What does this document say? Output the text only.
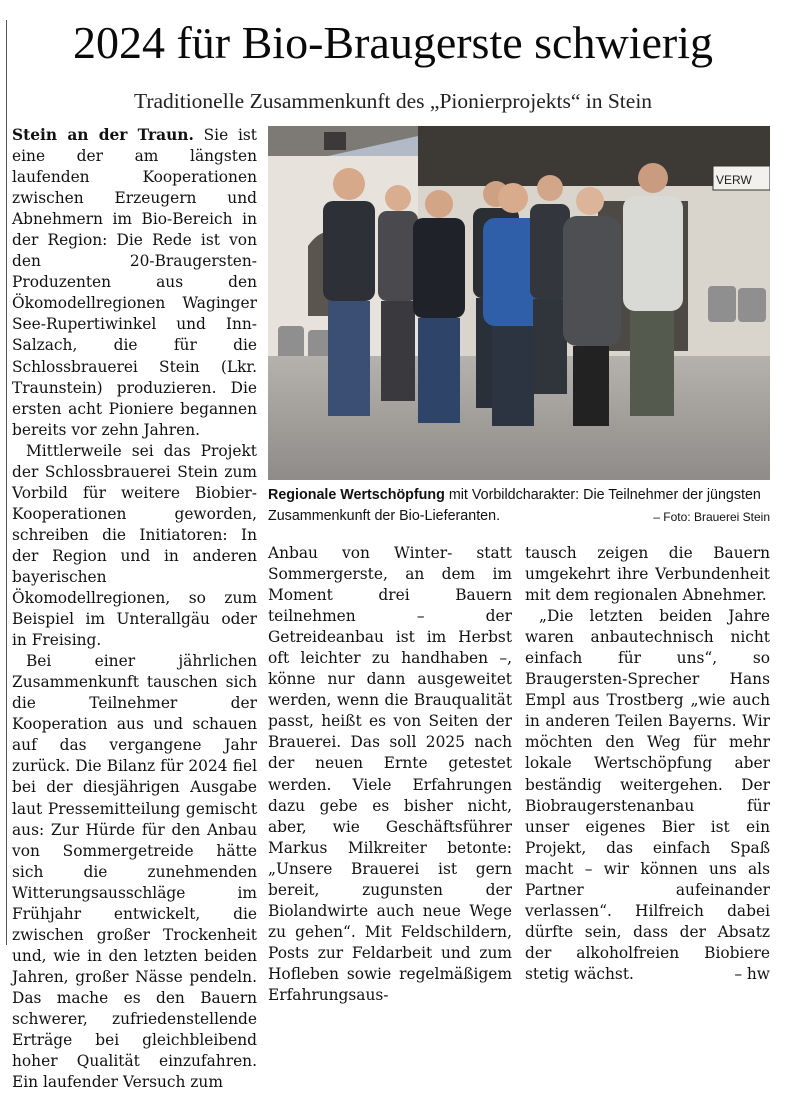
2024 für Bio-Braugerste schwierig
Traditionelle Zusammenkunft des „Pionierprojekts“ in Stein

Stein an der Traun. Sie ist eine der am längsten laufenden Kooperationen zwischen Erzeugern und Abnehmern im Bio-Bereich in der Region: Die Rede ist von den 20-Braugersten-Produzenten aus den Ökomodellregionen Waginger See-Rupertiwinkel und Inn-Salzach, die für die Schlossbrauerei Stein (Lkr. Traunstein) produzieren. Die ersten acht Pioniere begannen bereits vor zehn Jahren.

Mittlerweile sei das Projekt der Schlossbrauerei Stein zum Vorbild für weitere Biobier-Kooperationen geworden, schreiben die Initiatoren: In der Region und in anderen bayerischen Ökomodellregionen, so zum Beispiel im Unterallgäu oder in Freising.

Bei einer jährlichen Zusammenkunft tauschen sich die Teilnehmer der Kooperation aus und schauen auf das vergangene Jahr zurück. Die Bilanz für 2024 fiel bei der diesjährigen Ausgabe laut Pressemitteilung gemischt aus: Zur Hürde für den Anbau von Sommergetreide hätte sich die zunehmenden Witterungsausschläge im Frühjahr entwickelt, die zwischen großer Trockenheit und, wie in den letzten beiden Jahren, großer Nässe pendeln. Das mache es den Bauern schwerer, zufriedenstellende Erträge bei gleichbleibend hoher Qualität einzufahren. Ein laufender Versuch zum

VERW
Regionale Wertschöpfung mit Vorbildcharakter: Die Teilnehmer der jüngsten Zusammenkunft der Bio-Lieferanten.	– Foto: Brauerei Stein

Anbau von Winter- statt Sommergerste, an dem im Moment drei Bauern teilnehmen – der Getreideanbau ist im Herbst oft leichter zu handhaben –, könne nur dann ausgeweitet werden, wenn die Brauqualität passt, heißt es von Seiten der Brauerei. Das soll 2025 nach der neuen Ernte getestet werden. Viele Erfahrungen dazu gebe es bisher nicht, aber, wie Geschäftsführer Markus Milkreiter betonte: „Unsere Brauerei ist gern bereit, zugunsten der Biolandwirte auch neue Wege zu gehen“. Mit Feldschildern, Posts zur Feldarbeit und zum Hofleben sowie regelmäßigem Erfahrungsaus-

tausch zeigen die Bauern umgekehrt ihre Verbundenheit mit dem regionalen Abnehmer.

„Die letzten beiden Jahre waren anbautechnisch nicht einfach für uns“, so Braugersten-Sprecher Hans Empl aus Trostberg „wie auch in anderen Teilen Bayerns. Wir möchten den Weg für mehr lokale Wertschöpfung aber beständig weitergehen. Der Biobraugerstenanbau für unser eigenes Bier ist ein Projekt, das einfach Spaß macht – wir können uns als Partner aufeinander verlassen“. Hilfreich dabei dürfte sein, dass der Absatz der alkoholfreien Biobiere stetig wächst.	– hw
